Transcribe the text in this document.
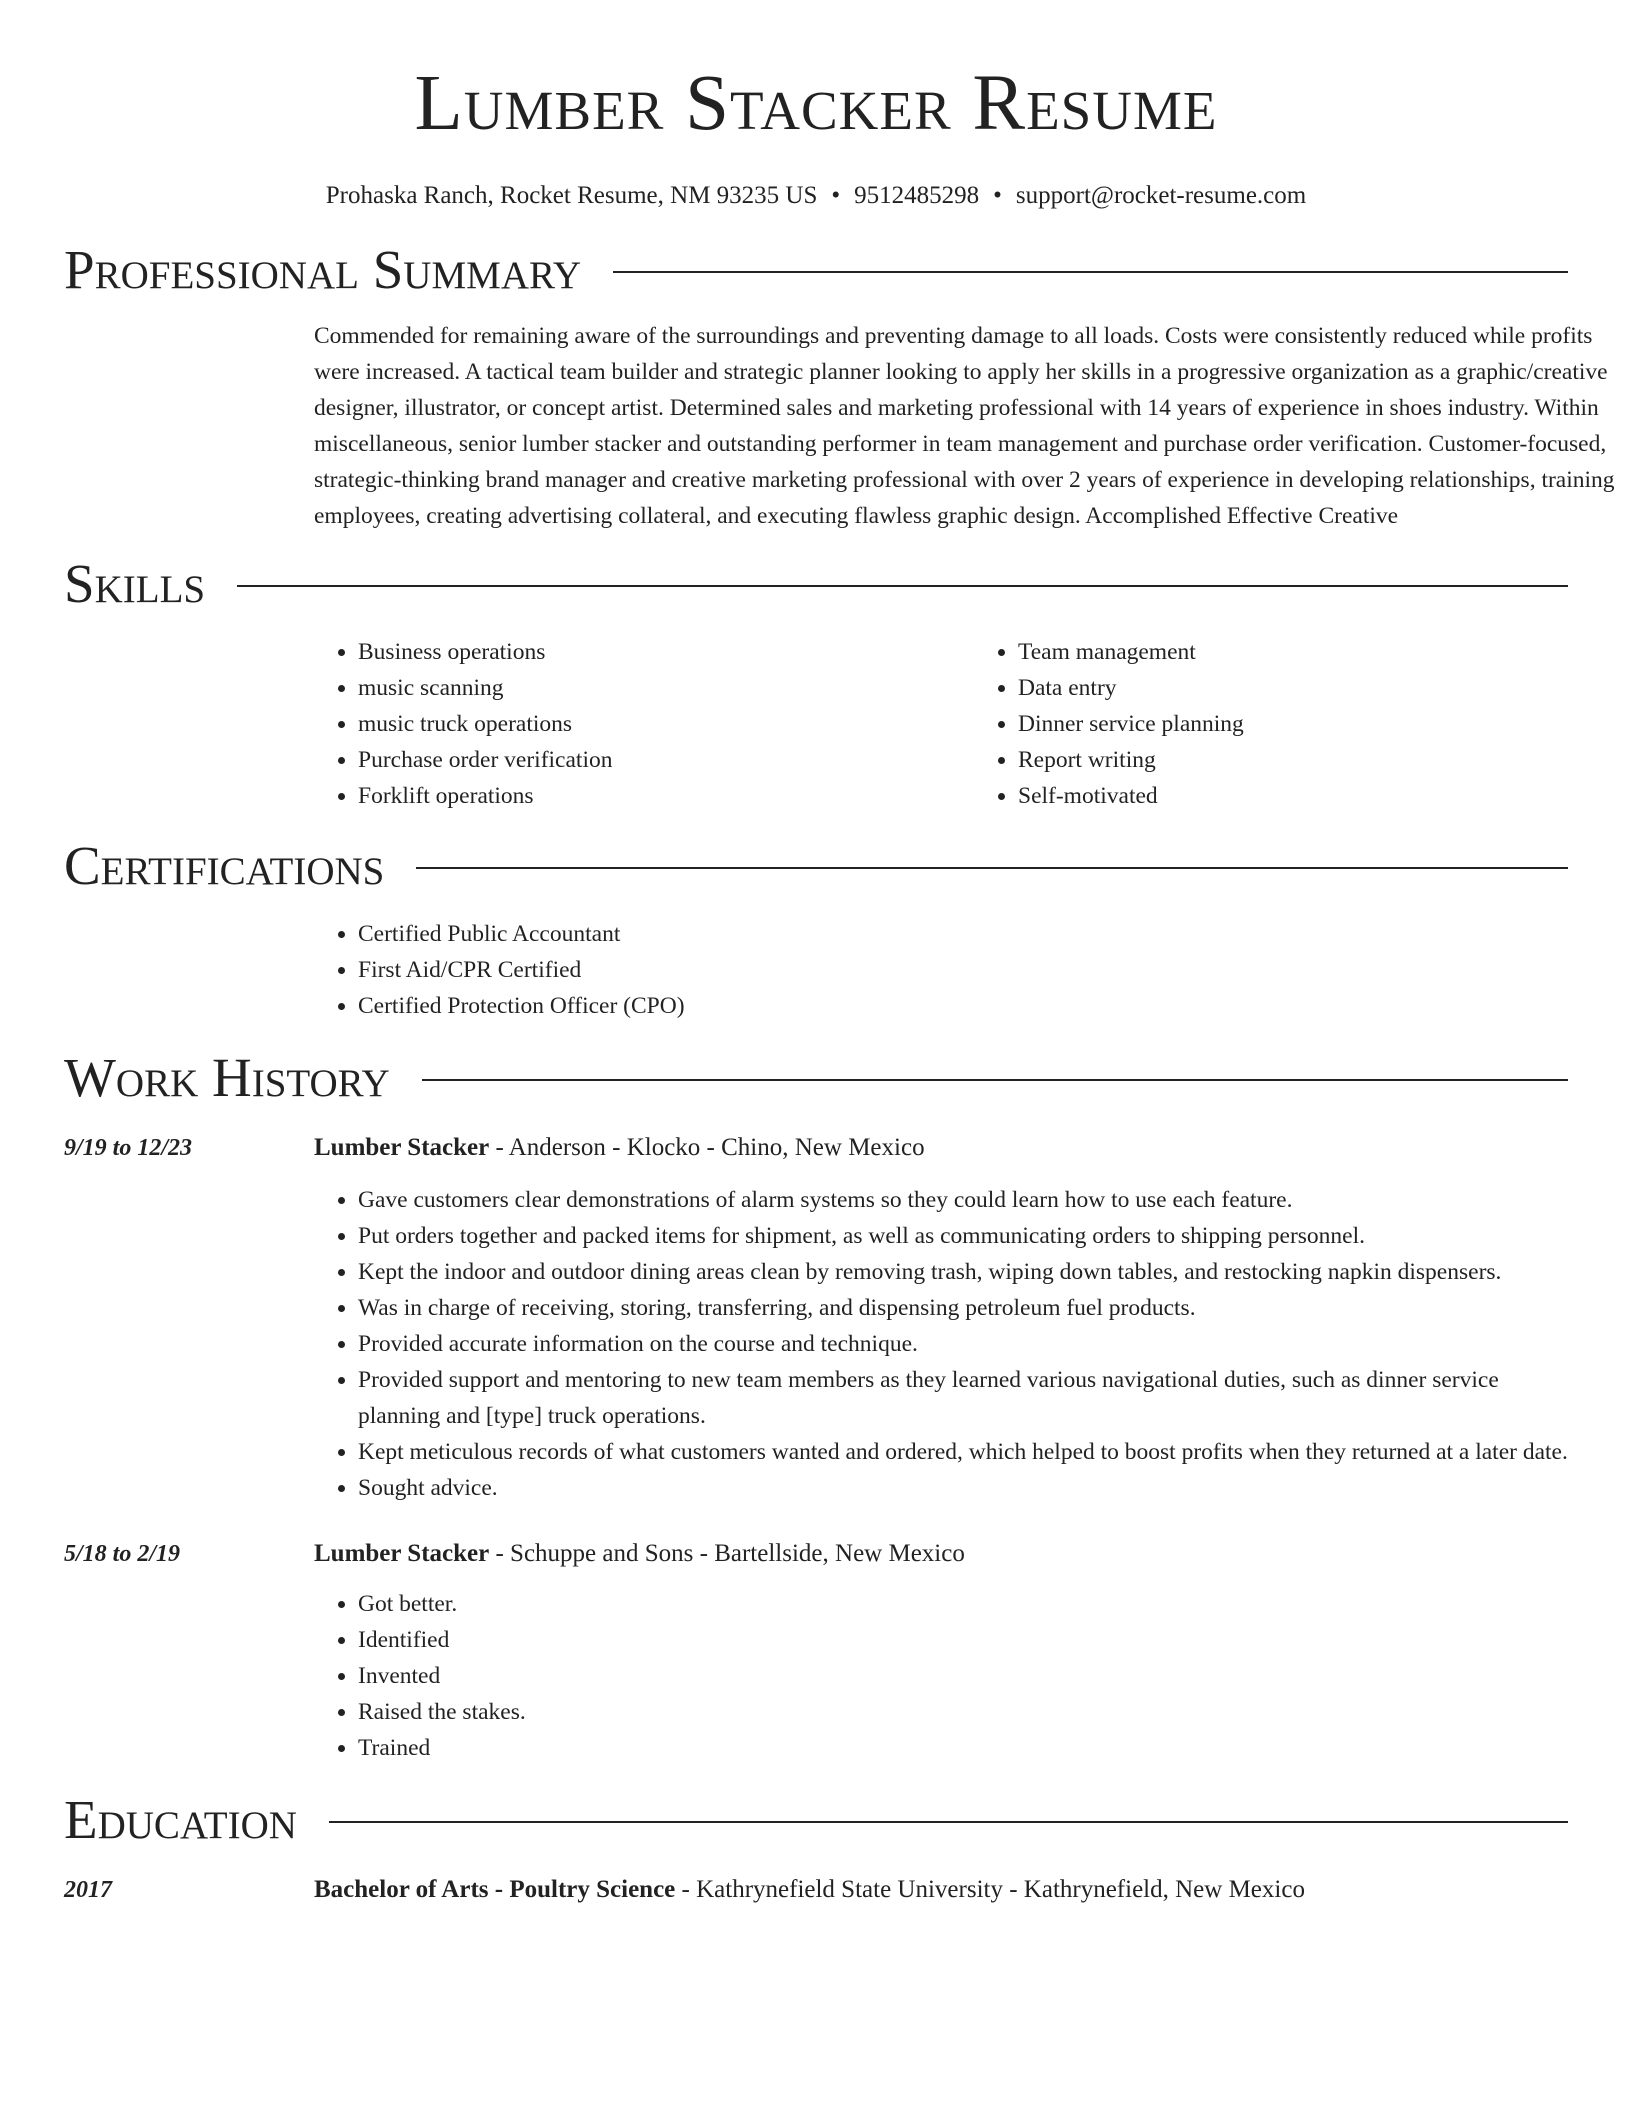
Lumber Stacker Resume
Prohaska Ranch, Rocket Resume, NM 93235 US • 9512485298 • support@rocket-resume.com
Professional Summary
Commended for remaining aware of the surroundings and preventing damage to all loads. Costs were consistently reduced while profits were increased. A tactical team builder and strategic planner looking to apply her skills in a progressive organization as a graphic/creative designer, illustrator, or concept artist. Determined sales and marketing professional with 14 years of experience in shoes industry. Within miscellaneous, senior lumber stacker and outstanding performer in team management and purchase order verification. Customer-focused, strategic-thinking brand manager and creative marketing professional with over 2 years of experience in developing relationships, training employees, creating advertising collateral, and executing flawless graphic design. Accomplished Effective Creative
Skills
• Business operations
• music scanning
• music truck operations
• Purchase order verification
• Forklift operations
• Team management
• Data entry
• Dinner service planning
• Report writing
• Self-motivated
Certifications
• Certified Public Accountant
• First Aid/CPR Certified
• Certified Protection Officer (CPO)
Work History
9/19 to 12/23	Lumber Stacker - Anderson - Klocko - Chino, New Mexico
• Gave customers clear demonstrations of alarm systems so they could learn how to use each feature.
• Put orders together and packed items for shipment, as well as communicating orders to shipping personnel.
• Kept the indoor and outdoor dining areas clean by removing trash, wiping down tables, and restocking napkin dispensers.
• Was in charge of receiving, storing, transferring, and dispensing petroleum fuel products.
• Provided accurate information on the course and technique.
• Provided support and mentoring to new team members as they learned various navigational duties, such as dinner service planning and [type] truck operations.
• Kept meticulous records of what customers wanted and ordered, which helped to boost profits when they returned at a later date.
• Sought advice.
5/18 to 2/19	Lumber Stacker - Schuppe and Sons - Bartellside, New Mexico
• Got better.
• Identified
• Invented
• Raised the stakes.
• Trained
Education
2017	Bachelor of Arts - Poultry Science - Kathrynefield State University - Kathrynefield, New Mexico
